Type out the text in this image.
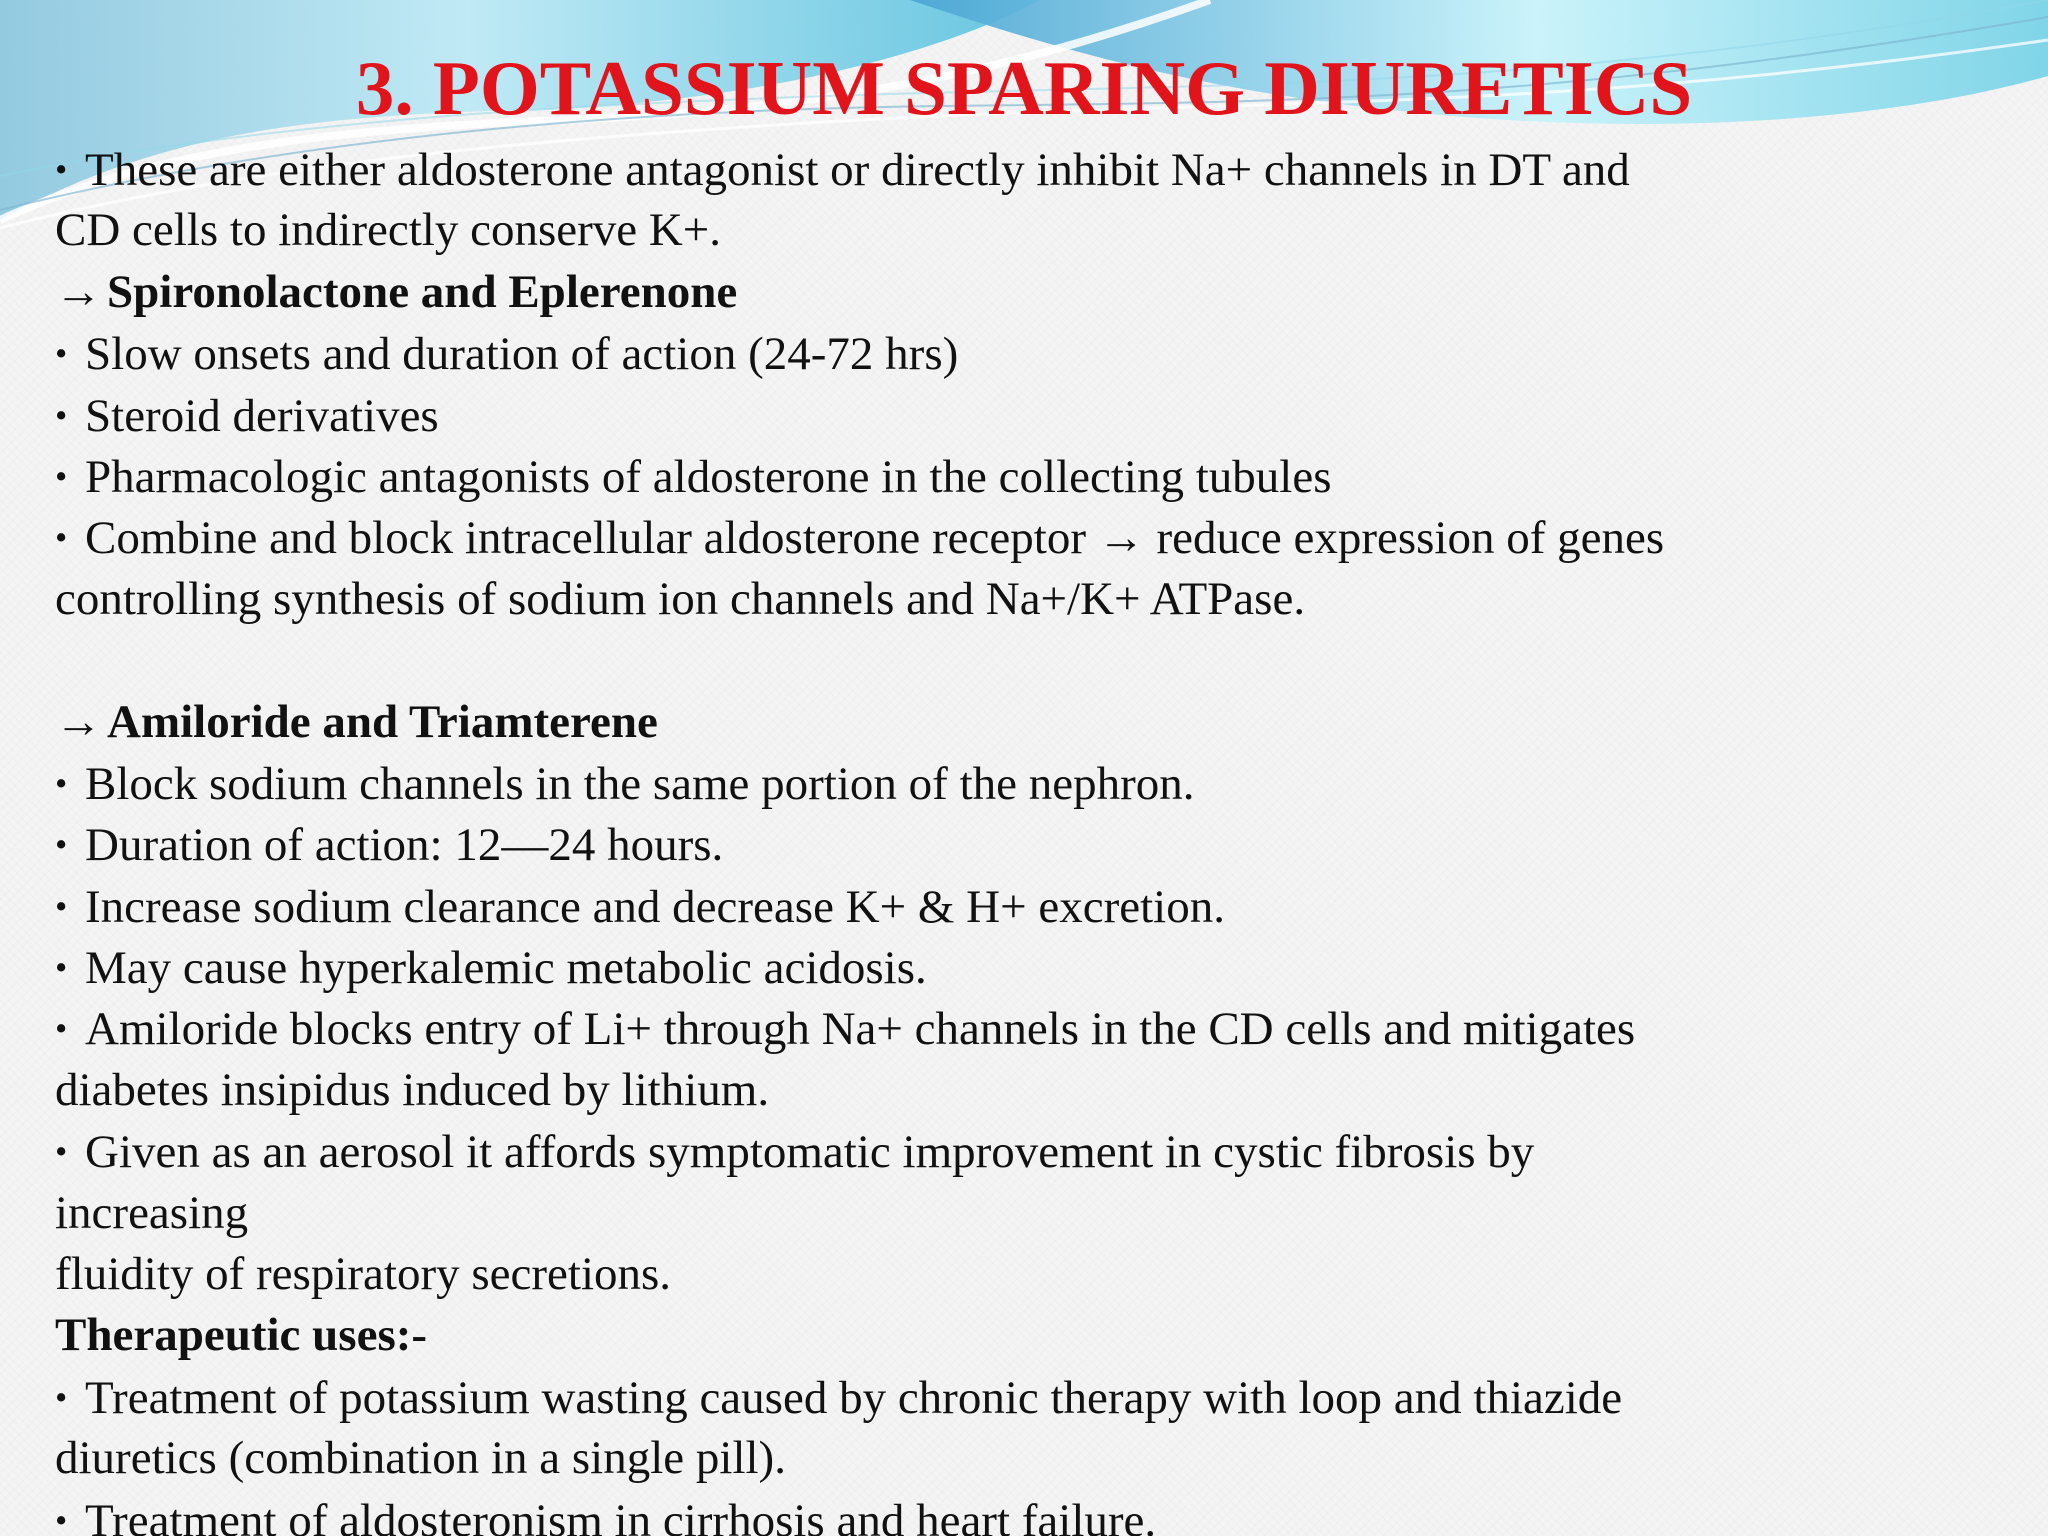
3. POTASSIUM SPARING DIURETICS
• These are either aldosterone antagonist or directly inhibit Na+ channels in DT and
CD cells to indirectly conserve K+.
→ Spironolactone and Eplerenone
• Slow onsets and duration of action (24-72 hrs)
• Steroid derivatives
• Pharmacologic antagonists of aldosterone in the collecting tubules
• Combine and block intracellular aldosterone receptor → reduce expression of genes
controlling synthesis of sodium ion channels and Na+/K+ ATPase.
→ Amiloride and Triamterene
• Block sodium channels in the same portion of the nephron.
• Duration of action: 12—24 hours.
• Increase sodium clearance and decrease K+ & H+ excretion.
• May cause hyperkalemic metabolic acidosis.
• Amiloride blocks entry of Li+ through Na+ channels in the CD cells and mitigates
diabetes insipidus induced by lithium.
• Given as an aerosol it affords symptomatic improvement in cystic fibrosis by
increasing
fluidity of respiratory secretions.
Therapeutic uses:-
• Treatment of potassium wasting caused by chronic therapy with loop and thiazide
diuretics (combination in a single pill).
• Treatment of aldosteronism in cirrhosis and heart failure.
